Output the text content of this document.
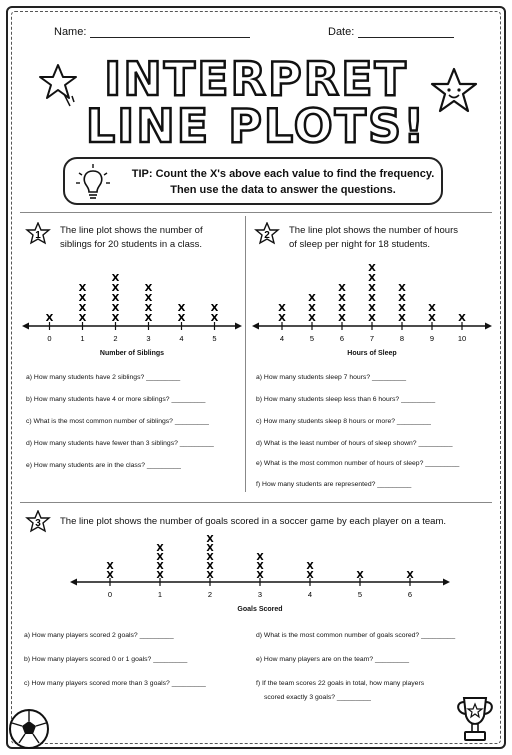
Name:	Date:
INTERPRET
LINE PLOTS!
TIP: Count the X's above each value to find the frequency.
Then use the data to answer the questions.
1 The line plot shows the number of
siblings for 20 students in a class.
0
X
1
X
X
X
X
2
X
X
X
X
X
3
X
X
X
X
4
X
X
5
X
X
Number of Siblings
a) How many students have 2 siblings? _________
b) How many students have 4 or more siblings? _________
c) What is the most common number of siblings? _________
d) How many students have fewer than 3 siblings? _________
e) How many students are in the class? _________
2 The line plot shows the number of hours
of sleep per night for 18 students.
4
X
X
5
X
X
X
6
X
X
X
X
7
X
X
X
X
X
X
8
X
X
X
X
9
X
X
10
X
Hours of Sleep
a) How many students sleep 7 hours? _________
b) How many students sleep less than 6 hours? _________
c) How many students sleep 8 hours or more? _________
d) What is the least number of hours of sleep shown? _________
e) What is the most common number of hours of sleep? _________
f) How many students are represented? _________
3 The line plot shows the number of goals scored in a soccer game by each player on a team.
0
X
X
1
X
X
X
X
2
X
X
X
X
X
3
X
X
X
4
X
X
5
X
6
X
Goals Scored
a) How many players scored 2 goals? _________
b) How many players scored 0 or 1 goals? _________
c) How many players scored more than 3 goals? _________
d) What is the most common number of goals scored? _________
e) How many players are on the team? _________
f) If the team scores 22 goals in total, how many players
scored exactly 3 goals? _________
